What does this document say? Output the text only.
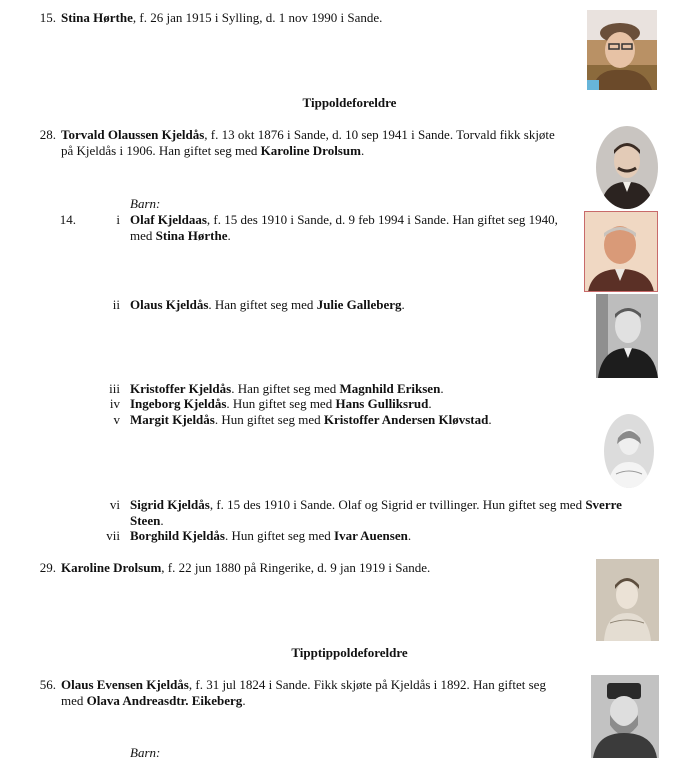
15. Stina Hørthe, f. 26 jan 1915 i Sylling, d. 1 nov 1990 i Sande.
Tippoldeforeldre
28. Torvald Olaussen Kjeldås, f. 13 okt 1876 i Sande, d. 10 sep 1941 i Sande. Torvald fikk skjøte
på Kjeldås i 1906. Han giftet seg med Karoline Drolsum.
Barn:
14.	i Olaf Kjeldaas, f. 15 des 1910 i Sande, d. 9 feb 1994 i Sande. Han giftet seg 1940,
med Stina Hørthe.
ii Olaus Kjeldås. Han giftet seg med Julie Galleberg.
iii Kristoffer Kjeldås. Han giftet seg med Magnhild Eriksen.
iv Ingeborg Kjeldås. Hun giftet seg med Hans Gulliksrud.
v Margit Kjeldås. Hun giftet seg med Kristoffer Andersen Kløvstad.
vi Sigrid Kjeldås, f. 15 des 1910 i Sande. Olaf og Sigrid er tvillinger. Hun giftet seg med Sverre
Steen.
vii Borghild Kjeldås. Hun giftet seg med Ivar Auensen.
29. Karoline Drolsum, f. 22 jun 1880 på Ringerike, d. 9 jan 1919 i Sande.
Tipptippoldeforeldre
56. Olaus Evensen Kjeldås, f. 31 jul 1824 i Sande. Fikk skjøte på Kjeldås i 1892. Han giftet seg
med Olava Andreasdtr. Eikeberg.
Barn:
